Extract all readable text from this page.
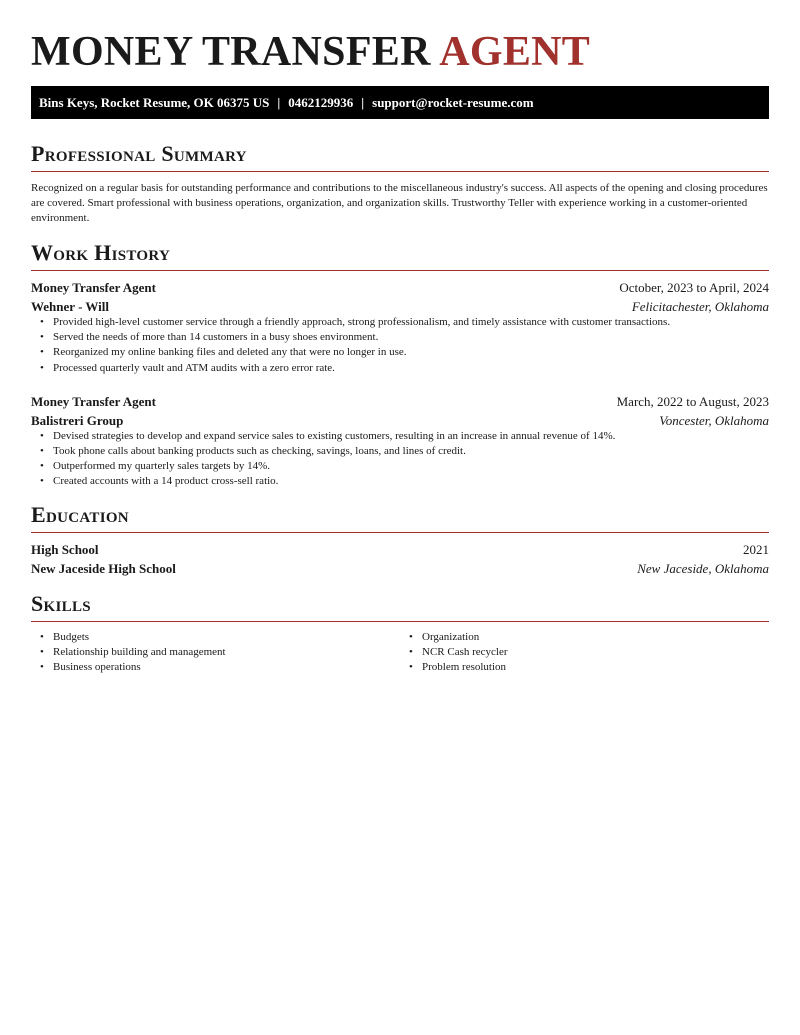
MONEY TRANSFER AGENT
Bins Keys, Rocket Resume, OK 06375 US | 0462129936 | support@rocket-resume.com
Professional Summary
Recognized on a regular basis for outstanding performance and contributions to the miscellaneous industry's success. All aspects of the opening and closing procedures are covered. Smart professional with business operations, organization, and organization skills. Trustworthy Teller with experience working in a customer-oriented environment.
Work History
Money Transfer Agent	October, 2023 to April, 2024
Wehner - Will	Felicitachester, Oklahoma
• Provided high-level customer service through a friendly approach, strong professionalism, and timely assistance with customer transactions.
• Served the needs of more than 14 customers in a busy shoes environment.
• Reorganized my online banking files and deleted any that were no longer in use.
• Processed quarterly vault and ATM audits with a zero error rate.
Money Transfer Agent	March, 2022 to August, 2023
Balistreri Group	Voncester, Oklahoma
• Devised strategies to develop and expand service sales to existing customers, resulting in an increase in annual revenue of 14%.
• Took phone calls about banking products such as checking, savings, loans, and lines of credit.
• Outperformed my quarterly sales targets by 14%.
• Created accounts with a 14 product cross-sell ratio.
Education
High School	2021
New Jaceside High School	New Jaceside, Oklahoma
Skills
• Budgets
• Relationship building and management
• Business operations
• Organization
• NCR Cash recycler
• Problem resolution
